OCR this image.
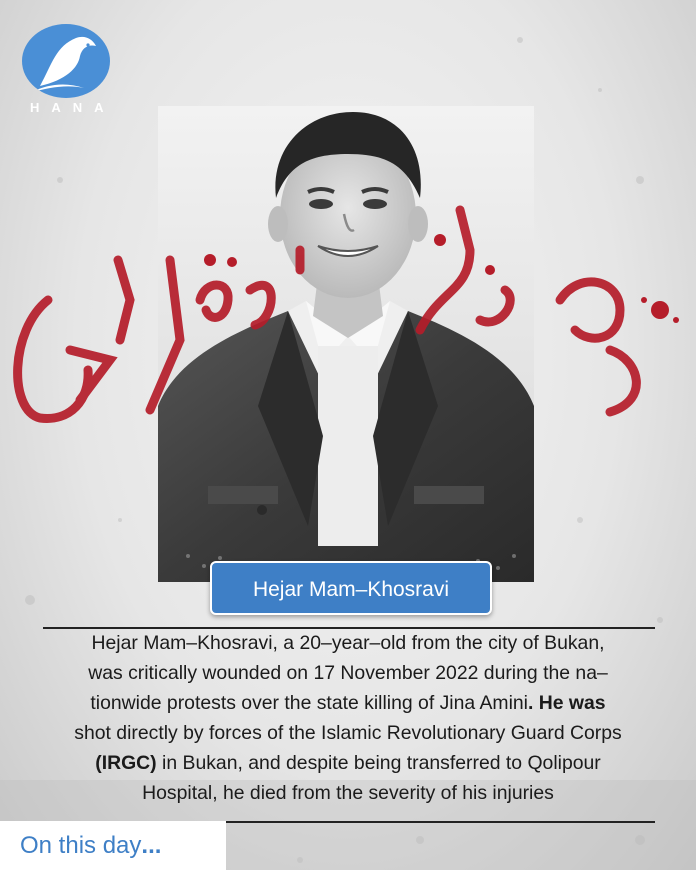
HANA
Hejar Mam–Khosravi

Hejar Mam–Khosravi, a 20–year–old from the city of Bukan,
was critically wounded on 17 November 2022 during the na–
tionwide protests over the state killing of Jina Amini. He was
shot directly by forces of the Islamic Revolutionary Guard Corps
(IRGC) in Bukan, and despite being transferred to Qolipour
Hospital, he died from the severity of his injuries

On this day...
